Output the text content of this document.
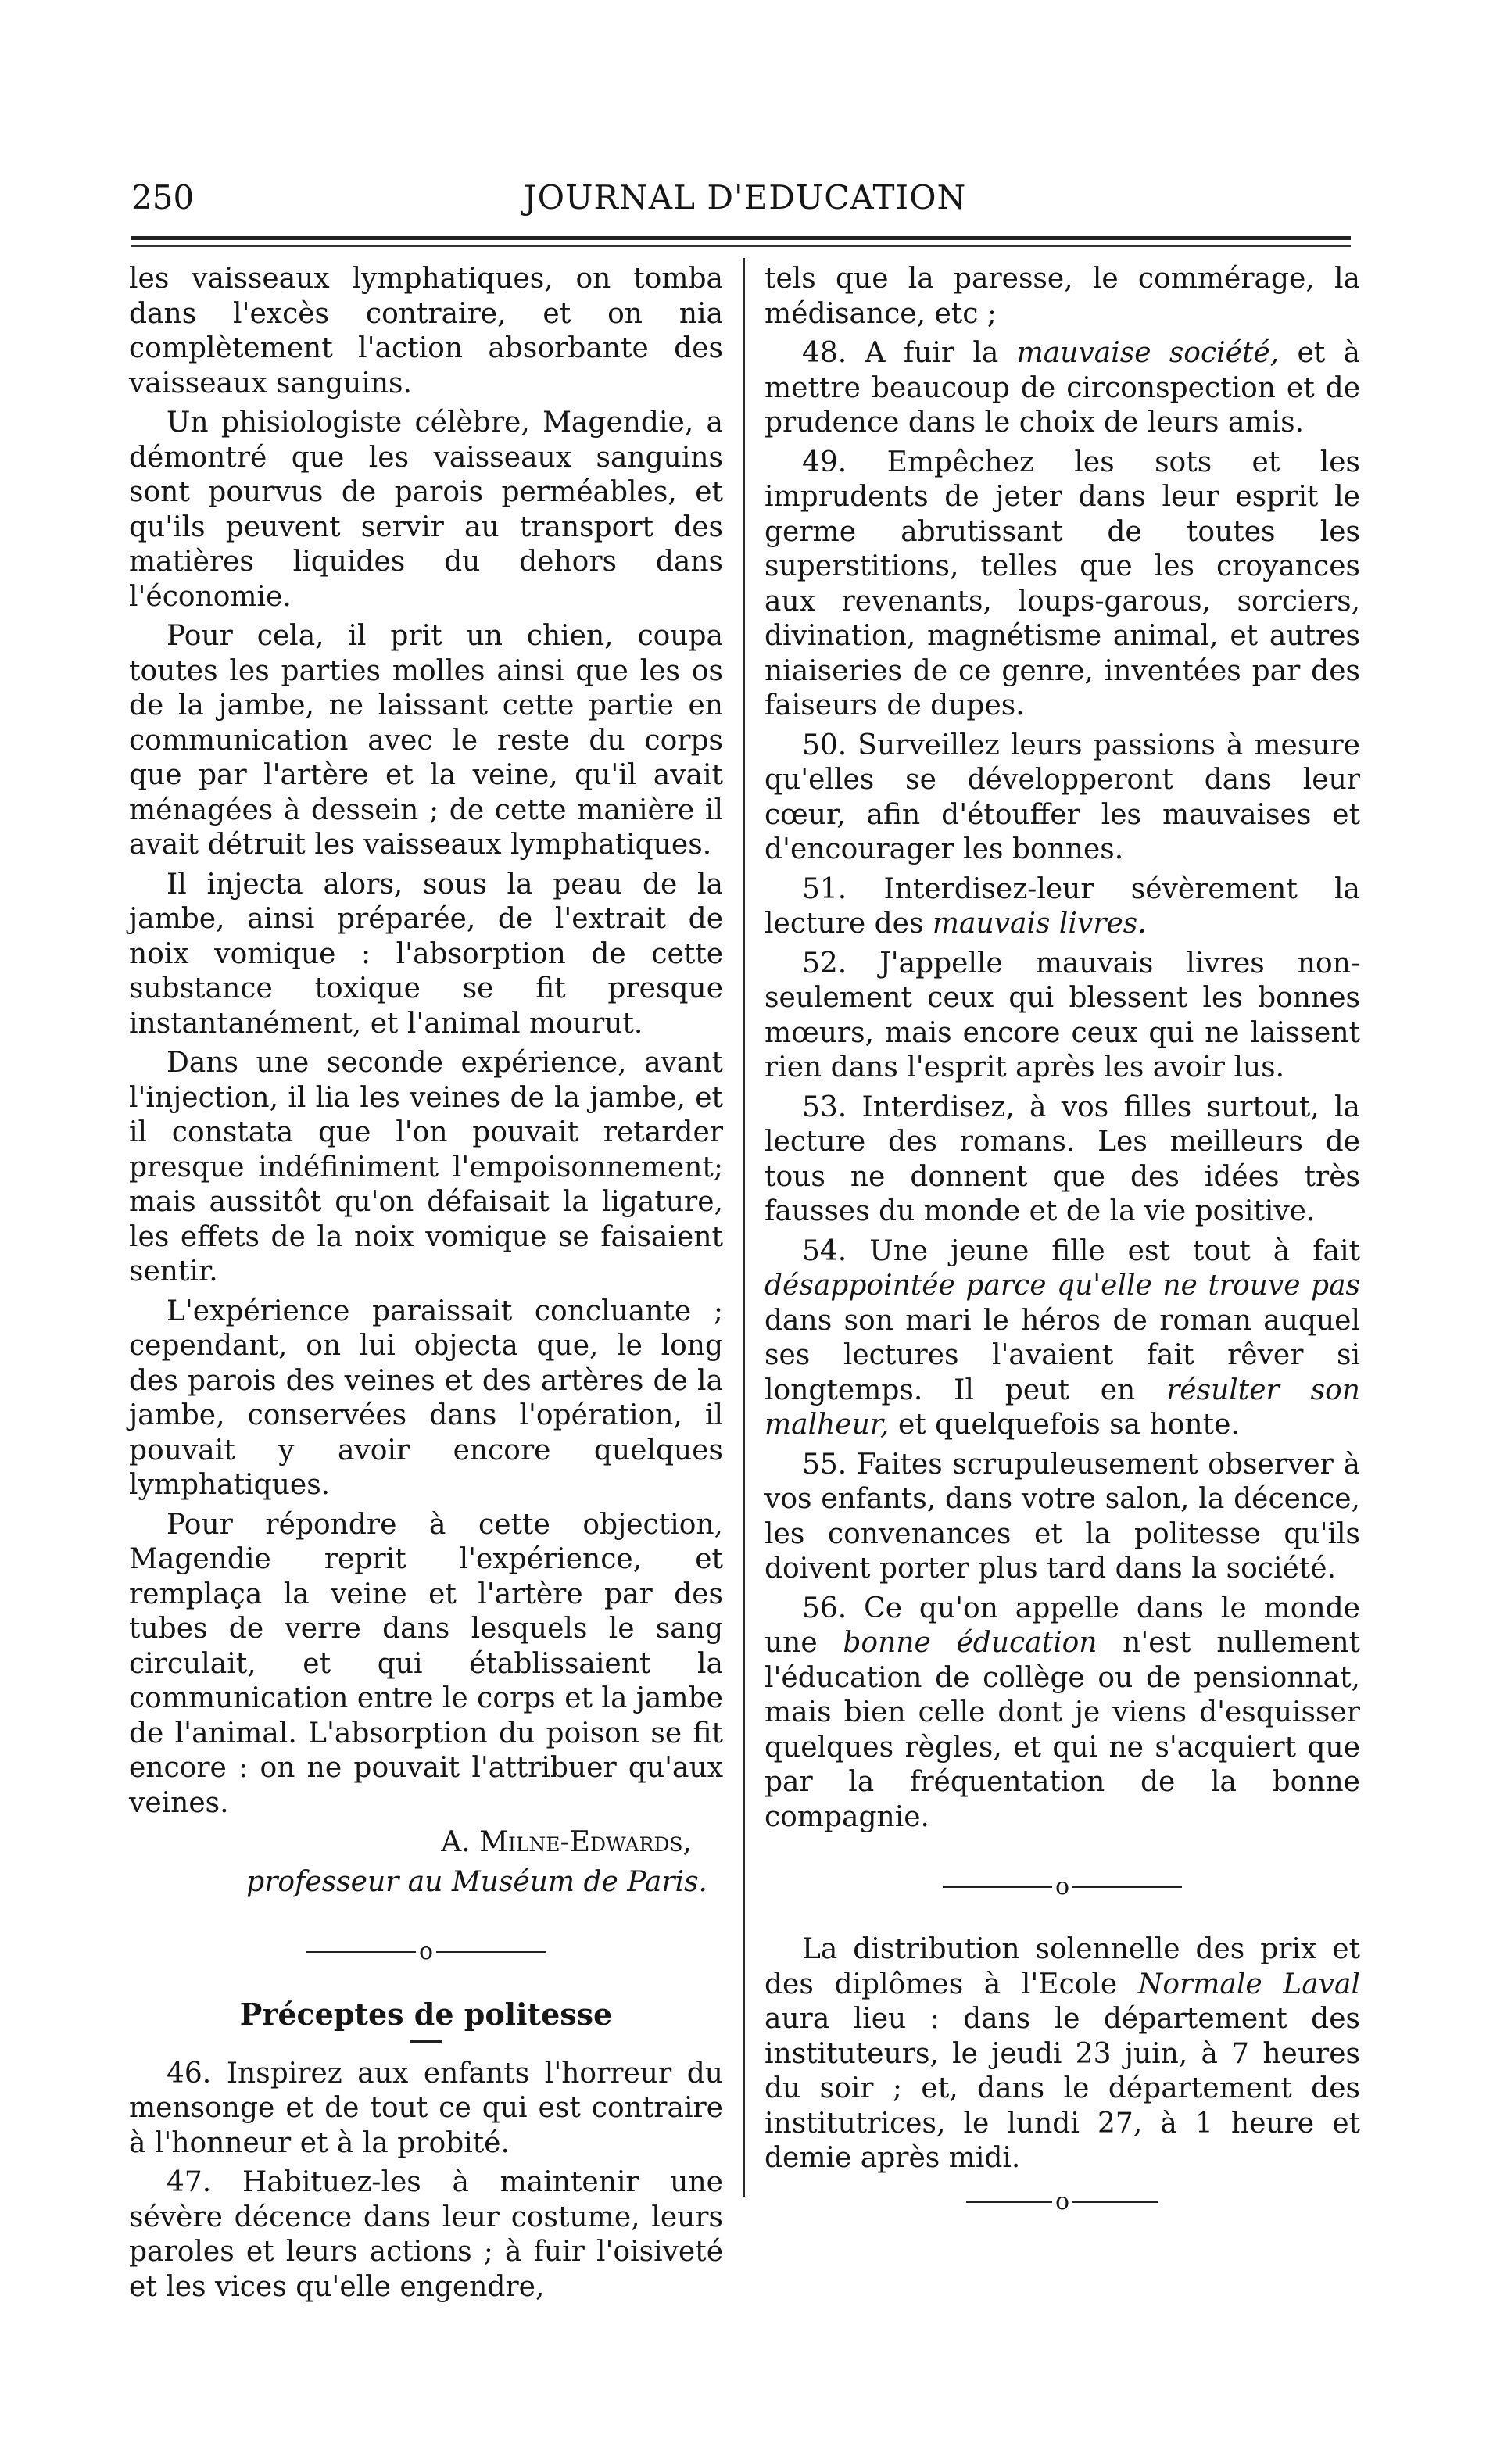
250	JOURNAL D'EDUCATION

les vaisseaux lymphatiques, on tomba dans l'excès contraire, et on nia complètement l'action absorbante des vaisseaux sanguins.

Un phisiologiste célèbre, Magendie, a démontré que les vaisseaux sanguins sont pourvus de parois perméables, et qu'ils peuvent servir au transport des matières liquides du dehors dans l'économie.

Pour cela, il prit un chien, coupa toutes les parties molles ainsi que les os de la jambe, ne laissant cette partie en communication avec le reste du corps que par l'artère et la veine, qu'il avait ménagées à dessein ; de cette manière il avait détruit les vaisseaux lymphatiques.

Il injecta alors, sous la peau de la jambe, ainsi préparée, de l'extrait de noix vomique : l'absorption de cette substance toxique se fit presque instantanément, et l'animal mourut.

Dans une seconde expérience, avant l'injection, il lia les veines de la jambe, et il constata que l'on pouvait retarder presque indéfiniment l'empoisonnement; mais aussitôt qu'on défaisait la ligature, les effets de la noix vomique se faisaient sentir.

L'expérience paraissait concluante ; cependant, on lui objecta que, le long des parois des veines et des artères de la jambe, conservées dans l'opération, il pouvait y avoir encore quelques lymphatiques.

Pour répondre à cette objection, Magendie reprit l'expérience, et remplaça la veine et l'artère par des tubes de verre dans lesquels le sang circulait, et qui établissaient la communication entre le corps et la jambe de l'animal. L'absorption du poison se fit encore : on ne pouvait l'attribuer qu'aux veines.

A. Milne-Edwards,

professeur au Muséum de Paris.

o

Préceptes de politesse

46. Inspirez aux enfants l'horreur du mensonge et de tout ce qui est contraire à l'honneur et à la probité.

47. Habituez-les à maintenir une sévère décence dans leur costume, leurs paroles et leurs actions ; à fuir l'oisiveté et les vices qu'elle engendre,

tels que la paresse, le commérage, la médisance, etc ;

48. A fuir la mauvaise société, et à mettre beaucoup de circonspection et de prudence dans le choix de leurs amis.

49. Empêchez les sots et les imprudents de jeter dans leur esprit le germe abrutissant de toutes les superstitions, telles que les croyances aux revenants, loups-garous, sorciers, divination, magnétisme animal, et autres niaiseries de ce genre, inventées par des faiseurs de dupes.

50. Surveillez leurs passions à mesure qu'elles se développeront dans leur cœur, afin d'étouffer les mauvaises et d'encourager les bonnes.

51. Interdisez-leur sévèrement la lecture des mauvais livres.

52. J'appelle mauvais livres non-seulement ceux qui blessent les bonnes mœurs, mais encore ceux qui ne laissent rien dans l'esprit après les avoir lus.

53. Interdisez, à vos filles surtout, la lecture des romans. Les meilleurs de tous ne donnent que des idées très fausses du monde et de la vie positive.

54. Une jeune fille est tout à fait désappointée parce qu'elle ne trouve pas dans son mari le héros de roman auquel ses lectures l'avaient fait rêver si longtemps. Il peut en résulter son malheur, et quelquefois sa honte.

55. Faites scrupuleusement observer à vos enfants, dans votre salon, la décence, les convenances et la politesse qu'ils doivent porter plus tard dans la société.

56. Ce qu'on appelle dans le monde une bonne éducation n'est nullement l'éducation de collège ou de pensionnat, mais bien celle dont je viens d'esquisser quelques règles, et qui ne s'acquiert que par la fréquentation de la bonne compagnie.

o

La distribution solennelle des prix et des diplômes à l'Ecole Normale Laval aura lieu : dans le département des instituteurs, le jeudi 23 juin, à 7 heures du soir ; et, dans le département des institutrices, le lundi 27, à 1 heure et demie après midi.

o
